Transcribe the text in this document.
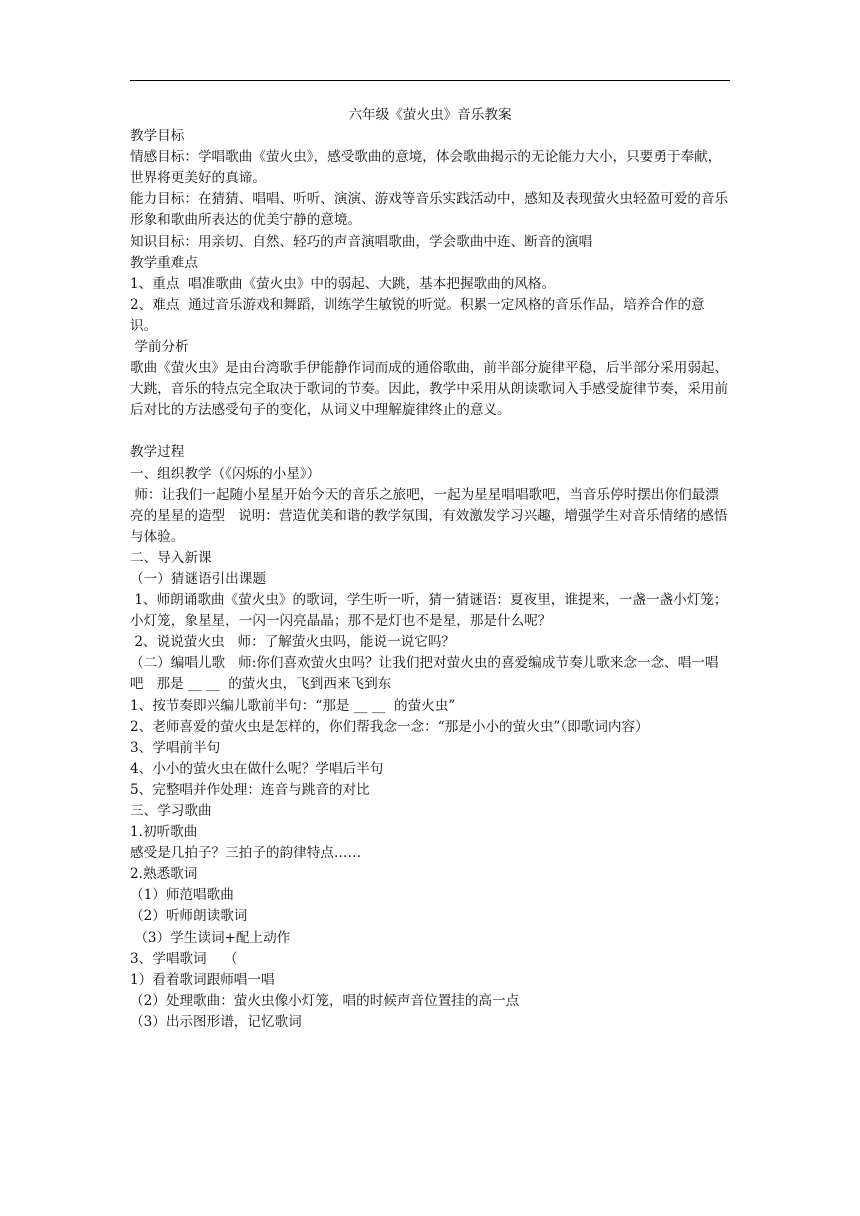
六年级《萤火虫》音乐教案

教学目标

情感目标：学唱歌曲《萤火虫》，感受歌曲的意境，体会歌曲揭示的无论能力大小，只要勇于奉献，世界将更美好的真谛。

能力目标：在猜猜、唱唱、听听、演演、游戏等音乐实践活动中，感知及表现萤火虫轻盈可爱的音乐形象和歌曲所表达的优美宁静的意境。

知识目标：用亲切、自然、轻巧的声音演唱歌曲，学会歌曲中连、断音的演唱

教学重难点

1、重点  唱准歌曲《萤火虫》中的弱起、大跳，基本把握歌曲的风格。

2、难点  通过音乐游戏和舞蹈，训练学生敏锐的听觉。积累一定风格的音乐作品，培养合作的意识。

学前分析

歌曲《萤火虫》是由台湾歌手伊能静作词而成的通俗歌曲，前半部分旋律平稳，后半部分采用弱起、大跳，音乐的特点完全取决于歌词的节奏。因此，教学中采用从朗读歌词入手感受旋律节奏，采用前后对比的方法感受句子的变化，从词义中理解旋律终止的意义。

教学过程

一、组织教学（《闪烁的小星》）

师：让我们一起随小星星开始今天的音乐之旅吧，一起为星星唱唱歌吧，当音乐停时摆出你们最漂亮的星星的造型   说明：营造优美和谐的教学氛围，有效激发学习兴趣，增强学生对音乐情绪的感悟与体验。

二、导入新课

（一）猜谜语引出课题

1、师朗诵歌曲《萤火虫》的歌词，学生听一听，猜一猜谜语：夏夜里，谁提来，一盏一盏小灯笼；小灯笼，象星星，一闪一闪亮晶晶；那不是灯也不是星，那是什么呢？

2、说说萤火虫   师：了解萤火虫吗，能说一说它吗？

（二）编唱儿歌   师:你们喜欢萤火虫吗？让我们把对萤火虫的喜爱编成节奏儿歌来念一念、唱一唱吧   那是 __ __  的萤火虫，飞到西来飞到东

1、按节奏即兴编儿歌前半句：“那是 __ __  的萤火虫”

2、老师喜爱的萤火虫是怎样的，你们帮我念一念：“那是小小的萤火虫”（即歌词内容）

3、学唱前半句

4、小小的萤火虫在做什么呢？学唱后半句

5、完整唱并作处理：连音与跳音的对比

三、学习歌曲

1.初听歌曲

感受是几拍子？三拍子的韵律特点……

2.熟悉歌词

（1）师范唱歌曲

（2）听师朗读歌词

（3）学生读词+配上动作

3、学唱歌词    （

1）看着歌词跟师唱一唱

（2）处理歌曲：萤火虫像小灯笼，唱的时候声音位置挂的高一点

（3）出示图形谱，记忆歌词
